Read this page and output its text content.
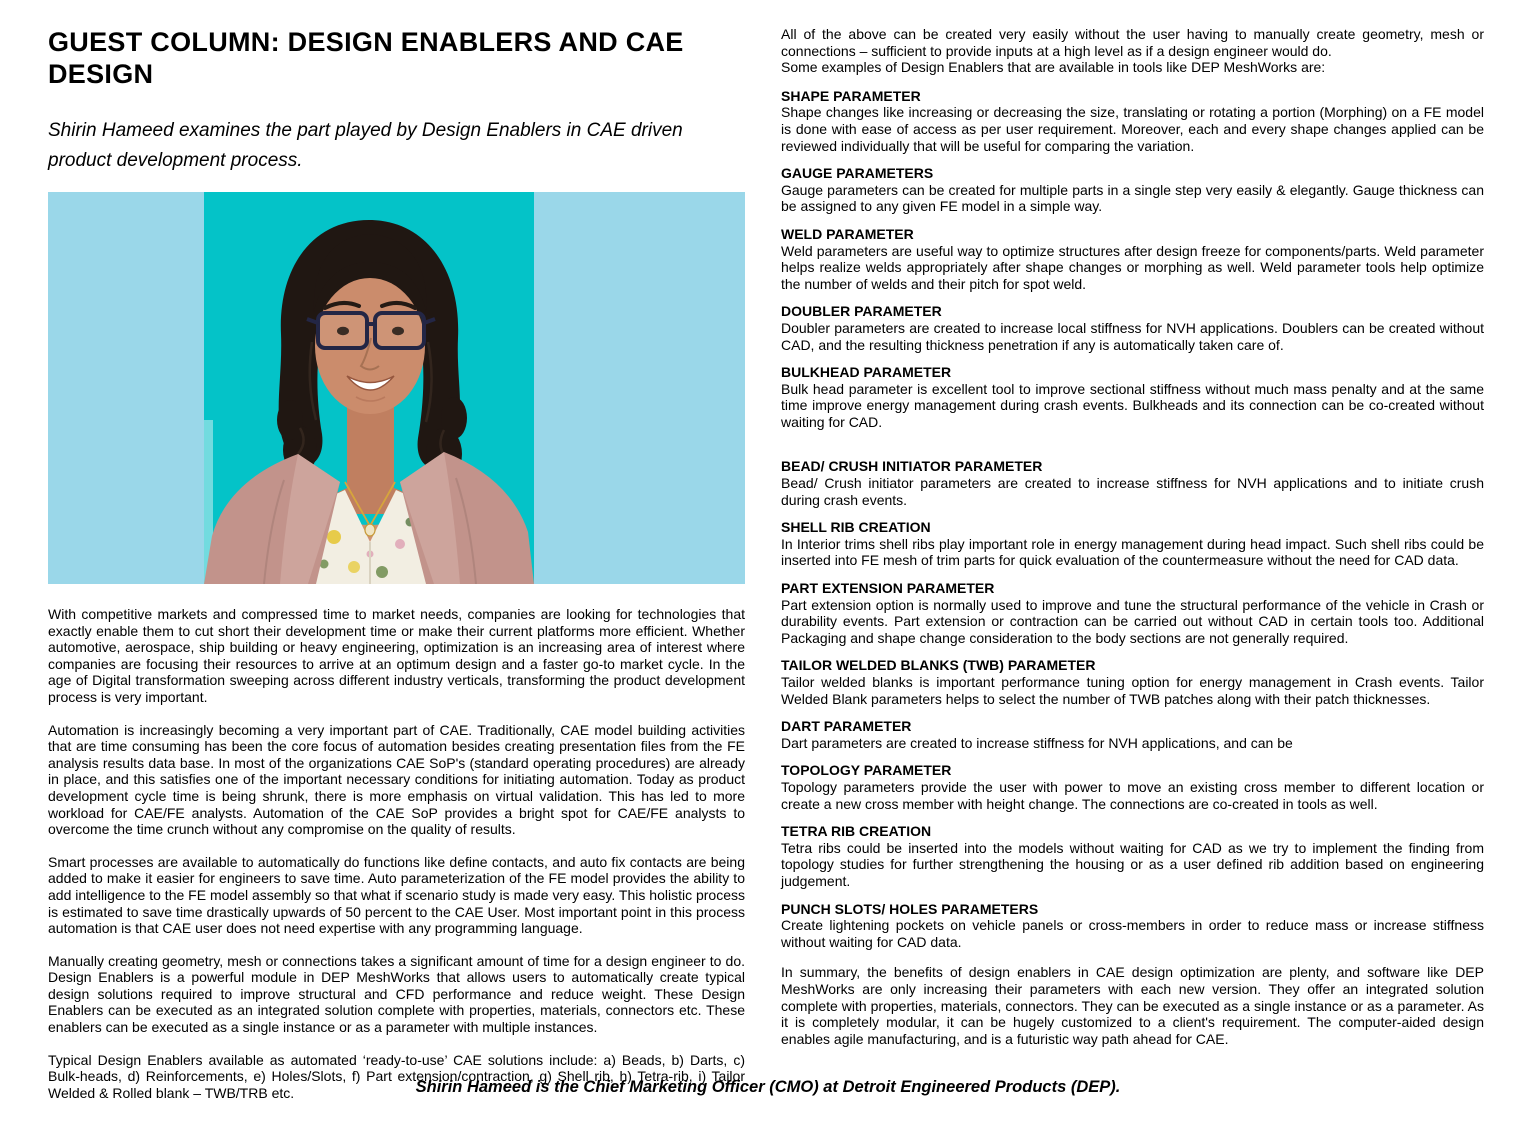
GUEST COLUMN: DESIGN ENABLERS AND CAE DESIGN

Shirin Hameed examines the part played by Design Enablers in CAE driven product development process.

With competitive markets and compressed time to market needs, companies are looking for technologies that exactly enable them to cut short their development time or make their current platforms more efficient. Whether automotive, aerospace, ship building or heavy engineering, optimization is an increasing area of interest where companies are focusing their resources to arrive at an optimum design and a faster go-to market cycle. In the age of Digital transformation sweeping across different industry verticals, transforming the product development process is very important.

Automation is increasingly becoming a very important part of CAE. Traditionally, CAE model building activities that are time consuming has been the core focus of automation besides creating presentation files from the FE analysis results data base. In most of the organizations CAE SoP's (standard operating procedures) are already in place, and this satisfies one of the important necessary conditions for initiating automation. Today as product development cycle time is being shrunk, there is more emphasis on virtual validation. This has led to more workload for CAE/FE analysts. Automation of the CAE SoP provides a bright spot for CAE/FE analysts to overcome the time crunch without any compromise on the quality of results.

Smart processes are available to automatically do functions like define contacts, and auto fix contacts are being added to make it easier for engineers to save time. Auto parameterization of the FE model provides the ability to add intelligence to the FE model assembly so that what if scenario study is made very easy. This holistic process is estimated to save time drastically upwards of 50 percent to the CAE User. Most important point in this process automation is that CAE user does not need expertise with any programming language.

Manually creating geometry, mesh or connections takes a significant amount of time for a design engineer to do. Design Enablers is a powerful module in DEP MeshWorks that allows users to automatically create typical design solutions required to improve structural and CFD performance and reduce weight. These Design Enablers can be executed as an integrated solution complete with properties, materials, connectors etc. These enablers can be executed as a single instance or as a parameter with multiple instances.

Typical Design Enablers available as automated ‘ready-to-use’ CAE solutions include: a) Beads, b) Darts, c) Bulk-heads, d) Reinforcements, e) Holes/Slots, f) Part extension/contraction, g) Shell rib, h) Tetra-rib, i) Tailor Welded & Rolled blank – TWB/TRB etc.

All of the above can be created very easily without the user having to manually create geometry, mesh or connections – sufficient to provide inputs at a high level as if a design engineer would do.
Some examples of Design Enablers that are available in tools like DEP MeshWorks are:

SHAPE PARAMETER

Shape changes like increasing or decreasing the size, translating or rotating a portion (Morphing) on a FE model is done with ease of access as per user requirement. Moreover, each and every shape changes applied can be reviewed individually that will be useful for comparing the variation.

GAUGE PARAMETERS

Gauge parameters can be created for multiple parts in a single step very easily & elegantly. Gauge thickness can be assigned to any given FE model in a simple way.

WELD PARAMETER

Weld parameters are useful way to optimize structures after design freeze for components/parts. Weld parameter helps realize welds appropriately after shape changes or morphing as well. Weld parameter tools help optimize the number of welds and their pitch for spot weld.

DOUBLER PARAMETER

Doubler parameters are created to increase local stiffness for NVH applications. Doublers can be created without CAD, and the resulting thickness penetration if any is automatically taken care of.

BULKHEAD PARAMETER

Bulk head parameter is excellent tool to improve sectional stiffness without much mass penalty and at the same time improve energy management during crash events. Bulkheads and its connection can be co-created without waiting for CAD.

BEAD/ CRUSH INITIATOR PARAMETER

Bead/ Crush initiator parameters are created to increase stiffness for NVH applications and to initiate crush during crash events.

SHELL RIB CREATION

In Interior trims shell ribs play important role in energy management during head impact. Such shell ribs could be inserted into FE mesh of trim parts for quick evaluation of the countermeasure without the need for CAD data.

PART EXTENSION PARAMETER

Part extension option is normally used to improve and tune the structural performance of the vehicle in Crash or durability events. Part extension or contraction can be carried out without CAD in certain tools too. Additional Packaging and shape change consideration to the body sections are not generally required.

TAILOR WELDED BLANKS (TWB) PARAMETER

Tailor welded blanks is important performance tuning option for energy management in Crash events. Tailor Welded Blank parameters helps to select the number of TWB patches along with their patch thicknesses.

DART PARAMETER

Dart parameters are created to increase stiffness for NVH applications, and can be

TOPOLOGY PARAMETER

Topology parameters provide the user with power to move an existing cross member to different location or create a new cross member with height change. The connections are co-created in tools as well.

TETRA RIB CREATION

Tetra ribs could be inserted into the models without waiting for CAD as we try to implement the finding from topology studies for further strengthening the housing or as a user defined rib addition based on engineering judgement.

PUNCH SLOTS/ HOLES PARAMETERS

Create lightening pockets on vehicle panels or cross-members in order to reduce mass or increase stiffness without waiting for CAD data.

In summary, the benefits of design enablers in CAE design optimization are plenty, and software like DEP MeshWorks are only increasing their parameters with each new version. They offer an integrated solution complete with properties, materials, connectors. They can be executed as a single instance or as a parameter. As it is completely modular, it can be hugely customized to a client's requirement. The computer-aided design enables agile manufacturing, and is a futuristic way path ahead for CAE.

Shirin Hameed is the Chief Marketing Officer (CMO) at Detroit Engineered Products (DEP).
